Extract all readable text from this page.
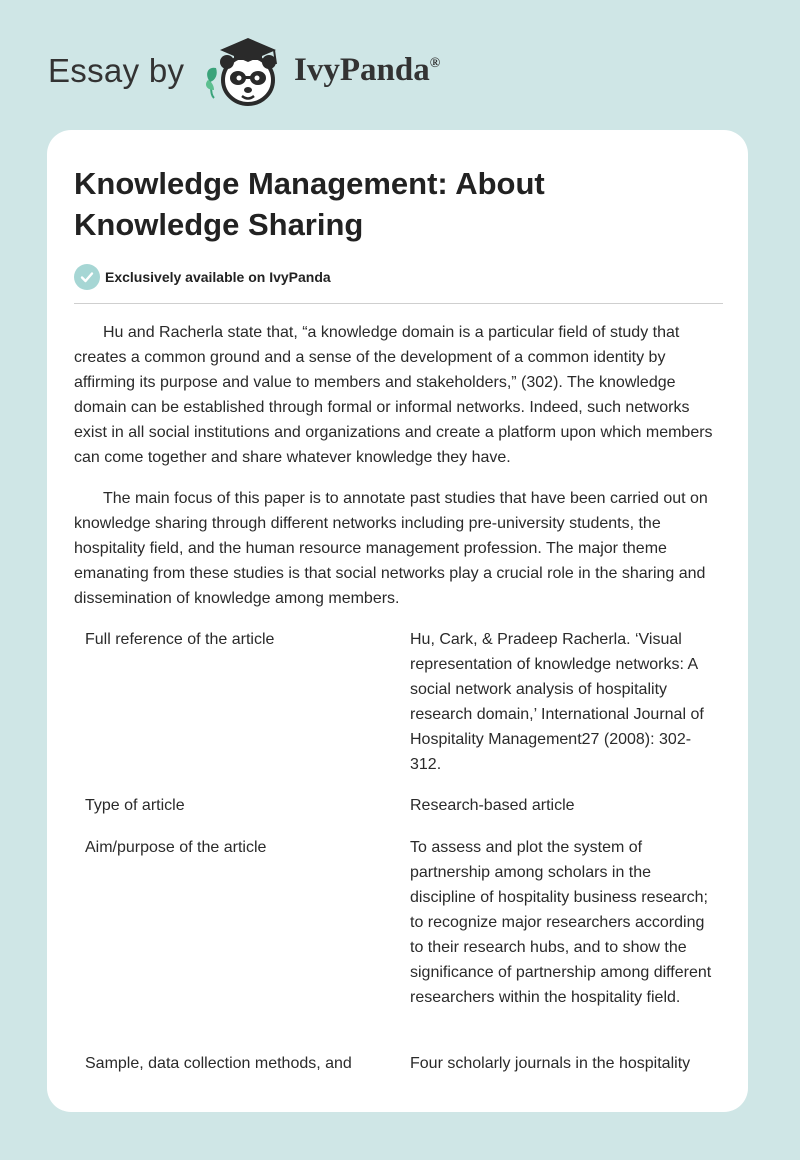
Essay by	IvyPanda®
Knowledge Management: About Knowledge Sharing
Exclusively available on IvyPanda

Hu and Racherla state that, “a knowledge domain is a particular field of study that creates a common ground and a sense of the development of a common identity by affirming its purpose and value to members and stakeholders,” (302). The knowledge domain can be established through formal or informal networks. Indeed, such networks exist in all social institutions and organizations and create a platform upon which members can come together and share whatever knowledge they have.

The main focus of this paper is to annotate past studies that have been carried out on knowledge sharing through different networks including pre-university students, the hospitality field, and the human resource management profession. The major theme emanating from these studies is that social networks play a crucial role in the sharing and dissemination of knowledge among members.

Full reference of the article	Hu, Cark, & Pradeep Racherla. ‘Visual representation of knowledge networks: A social network analysis of hospitality research domain,’ International Journal of Hospitality Management27 (2008): 302-312.
Type of article	Research-based article
Aim/purpose of the article	To assess and plot the system of partnership among scholars in the discipline of hospitality business research; to recognize major researchers according to their research hubs, and to show the significance of partnership among different researchers within the hospitality field.
Sample, data collection methods, and	Four scholarly journals in the hospitality
